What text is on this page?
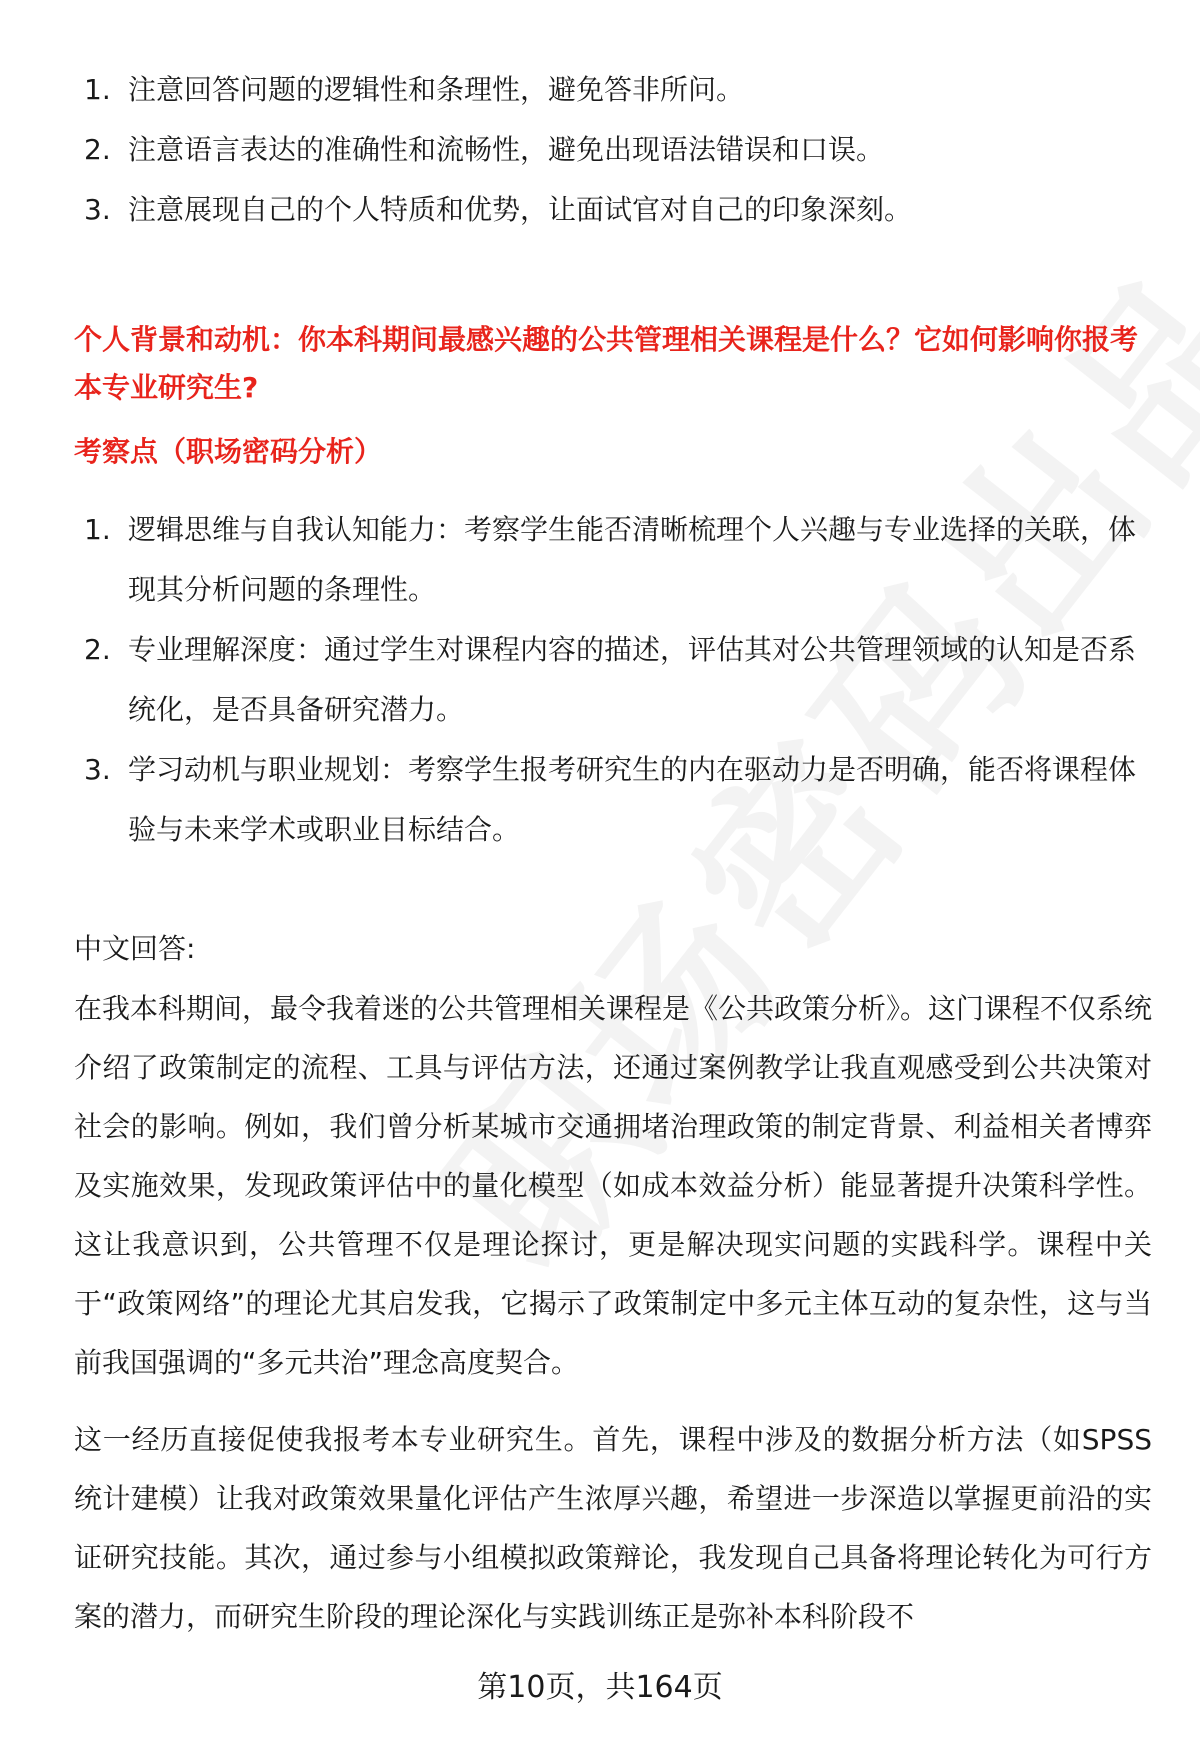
1. 注意回答问题的逻辑性和条理性，避免答非所问。
2. 注意语言表达的准确性和流畅性，避免出现语法错误和口误。
3. 注意展现自己的个人特质和优势，让面试官对自己的印象深刻。
个人背景和动机：你本科期间最感兴趣的公共管理相关课程是什么？它如何影响你报考本专业研究生?
考察点（职场密码分析）
1. 逻辑思维与自我认知能力：考察学生能否清晰梳理个人兴趣与专业选择的关联，体现其分析问题的条理性。
2. 专业理解深度：通过学生对课程内容的描述，评估其对公共管理领域的认知是否系统化，是否具备研究潜力。
3. 学习动机与职业规划：考察学生报考研究生的内在驱动力是否明确，能否将课程体验与未来学术或职业目标结合。
中文回答:
在我本科期间，最令我着迷的公共管理相关课程是《公共政策分析》。这门课程不仅系统介绍了政策制定的流程、工具与评估方法，还通过案例教学让我直观感受到公共决策对社会的影响。例如，我们曾分析某城市交通拥堵治理政策的制定背景、利益相关者博弈及实施效果，发现政策评估中的量化模型（如成本效益分析）能显著提升决策科学性。这让我意识到，公共管理不仅是理论探讨，更是解决现实问题的实践科学。课程中关于“政策网络”的理论尤其启发我，它揭示了政策制定中多元主体互动的复杂性，这与当前我国强调的“多元共治”理念高度契合。
这一经历直接促使我报考本专业研究生。首先，课程中涉及的数据分析方法（如SPSS统计建模）让我对政策效果量化评估产生浓厚兴趣，希望进一步深造以掌握更前沿的实证研究技能。其次，通过参与小组模拟政策辩论，我发现自己具备将理论转化为可行方案的潜力，而研究生阶段的理论深化与实践训练正是弥补本科阶段不
第10页，共164页
